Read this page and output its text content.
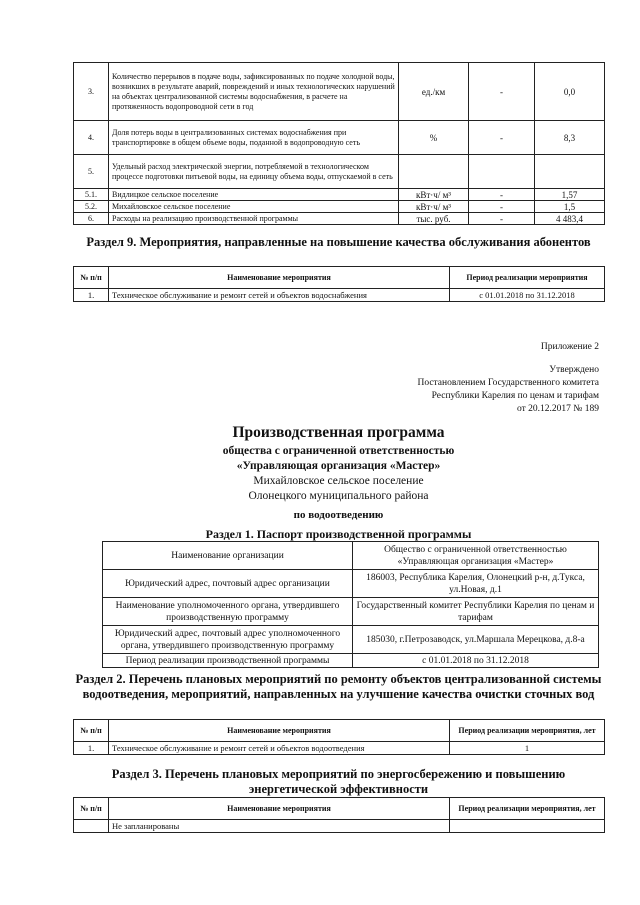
3.	Количество перерывов в подаче воды, зафиксированных по подаче холодной воды, возникших в результате аварий, повреждений и иных технологических нарушений на объектах централизованной системы водоснабжения, в расчете на протяженность водопроводной сети в год	ед./км	-	0,0
4.	Доля потерь воды в централизованных системах водоснабжения при транспортировке в общем объеме воды, поданной в водопроводную сеть	%	-	8,3
5.	Удельный расход электрической энергии, потребляемой в технологическом процессе подготовки питьевой воды, на единицу объема воды, отпускаемой в сеть			
5.1.	Видлицкое сельское поселение	кВт·ч/ м³	-	1,57
5.2.	Михайловское сельское поселение	кВт·ч/ м³	-	1,5
6.	Расходы на реализацию производственной программы	тыс. руб.	-	4 483,4
Раздел 9. Мероприятия, направленные на повышение качества обслуживания абонентов
№ п/п	Наименование мероприятия	Период реализации мероприятия
1.	Техническое обслуживание и ремонт сетей и объектов водоснабжения	с 01.01.2018 по 31.12.2018
Приложение 2
Утверждено
Постановлением Государственного комитета
Республики Карелия по ценам и тарифам
от 20.12.2017 № 189
Производственная программа
общества с ограниченной ответственностью
«Управляющая организация «Мастер»
Михайловское сельское поселение
Олонецкого муниципального района
по водоотведению
Раздел 1. Паспорт производственной программы
Наименование организации	Общество с ограниченной ответственностью «Управляющая организация «Мастер»
Юридический адрес, почтовый адрес организации	186003, Республика Карелия, Олонецкий р-н, д.Тукса, ул.Новая, д.1
Наименование уполномоченного органа, утвердившего производственную программу	Государственный комитет Республики Карелия по ценам и тарифам
Юридический адрес, почтовый адрес уполномоченного органа, утвердившего производственную программу	185030, г.Петрозаводск, ул.Маршала Мерецкова, д.8-а
Период реализации производственной программы	с 01.01.2018 по 31.12.2018
Раздел 2. Перечень плановых мероприятий по ремонту объектов централизованной системы водоотведения, мероприятий, направленных на улучшение качества очистки сточных вод
№ п/п	Наименование мероприятия	Период реализации мероприятия, лет
1.	Техническое обслуживание и ремонт сетей и объектов водоотведения	1
Раздел 3. Перечень плановых мероприятий по энергосбережению и повышению энергетической эффективности
№ п/п	Наименование мероприятия	Период реализации мероприятия, лет
	Не запланированы	
